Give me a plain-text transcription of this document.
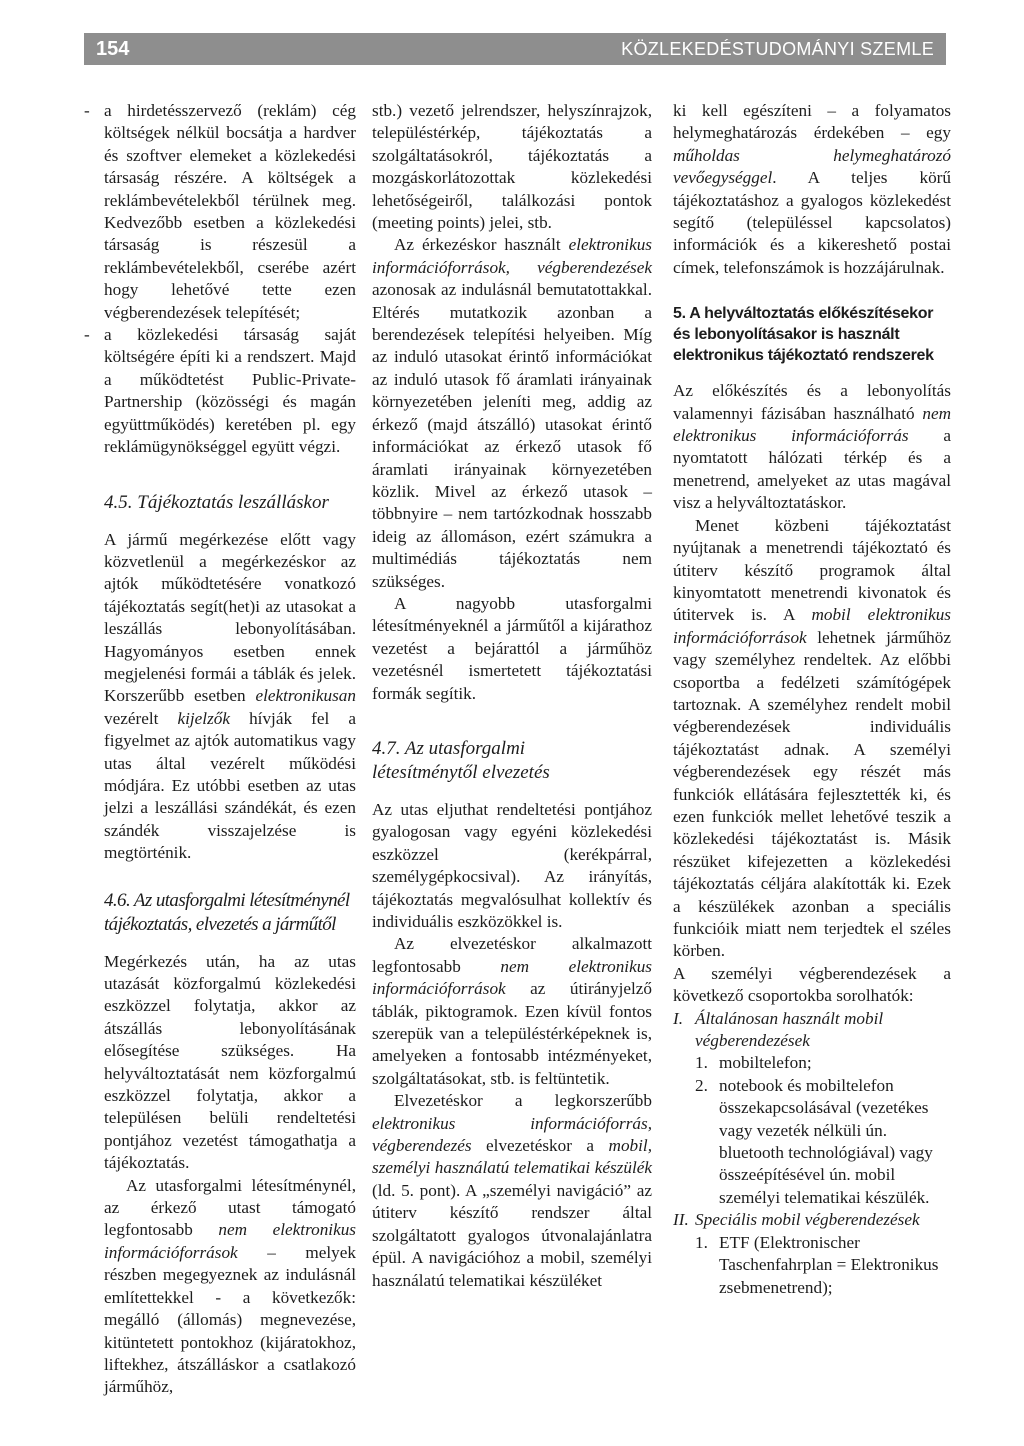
154	KÖZLEKEDÉSTUDOMÁNYI SZEMLE
- a hirdetésszervező (reklám) cég költségek nélkül bocsátja a hardver és szoftver elemeket a közlekedési társaság részére. A költségek a reklámbevételekből térülnek meg. Kedvezőbb esetben a közlekedési társaság is részesül a reklámbevételekből, cserébe azért hogy lehetővé tette ezen végberendezések telepítését;
- a közlekedési társaság saját költségére építi ki a rendszert. Majd a működtetést Public-Private-Partnership (közösségi és magán együttműködés) keretében pl. egy reklámügynökséggel együtt végzi.
4.5. Tájékoztatás leszálláskor

A jármű megérkezése előtt vagy közvetlenül a megérkezéskor az ajtók működtetésére vonatkozó tájékoztatás segít(het)i az utasokat a leszállás lebonyolításában. Hagyományos esetben ennek megjelenési formái a táblák és jelek. Korszerűbb esetben elektronikusan vezérelt kijelzők hívják fel a figyelmet az ajtók automatikus vagy utas által vezérelt működési módjára. Ez utóbbi esetben az utas jelzi a leszállási szándékát, és ezen szándék visszajelzése is megtörténik.

4.6. Az utasforgalmi létesítménynél tájékoztatás, elvezetés a járműtől

Megérkezés után, ha az utas utazását közforgalmú közlekedési eszközzel folytatja, akkor az átszállás lebonyolításának elősegítése szükséges. Ha helyváltoztatását nem közforgalmú eszközzel folytatja, akkor a településen belüli rendeltetési pontjához vezetést támogathatja a tájékoztatás.

Az utasforgalmi létesítménynél, az érkező utast támogató legfontosabb nem elektronikus információforrások – melyek részben megegyeznek az indulásnál említettekkel - a következők: megálló (állomás) megnevezése, kitüntetett pontokhoz (kijáratokhoz, liftekhez, átszálláskor a csatlakozó járműhöz,

stb.) vezető jelrendszer, helyszínrajzok, településtérkép, tájékoztatás a szolgáltatásokról, tájékoztatás a mozgáskorlátozottak közlekedési lehetőségeiről, találkozási pontok (meeting points) jelei, stb.

Az érkezéskor használt elektronikus információforrások, végberendezések azonosak az indulásnál bemutatottakkal. Eltérés mutatkozik azonban a berendezések telepítési helyeiben. Míg az induló utasokat érintő információkat az induló utasok fő áramlati irányainak környezetében jeleníti meg, addig az érkező (majd átszálló) utasokat érintő információkat az érkező utasok fő áramlati irányainak környezetében közlik. Mivel az érkező utasok – többnyire – nem tartózkodnak hosszabb ideig az állomáson, ezért számukra a multimédiás tájékoztatás nem szükséges.

A nagyobb utasforgalmi létesítményeknél a járműtől a kijárathoz vezetést a bejárattól a járműhöz vezetésnél ismertetett tájékoztatási formák segítik.

4.7. Az utasforgalmi létesítménytől elvezetés

Az utas eljuthat rendeltetési pontjához gyalogosan vagy egyéni közlekedési eszközzel (kerékpárral, személygépkocsival). Az irányítás, tájékoztatás megvalósulhat kollektív és individuális eszközökkel is.

Az elvezetéskor alkalmazott legfontosabb nem elektronikus információforrások az útirányjelző táblák, piktogramok. Ezen kívül fontos szerepük van a településtérképeknek is, amelyeken a fontosabb intézményeket, szolgáltatásokat, stb. is feltüntetik.

Elvezetéskor a legkorszerűbb elektronikus információforrás, végberendezés elvezetéskor a mobil, személyi használatú telematikai készülék (ld. 5. pont). A „személyi navigáció” az útiterv készítő rendszer által szolgáltatott gyalogos útvonalajánlatra épül. A navigációhoz a mobil, személyi használatú telematikai készüléket

ki kell egészíteni – a folyamatos helymeghatározás érdekében – egy műholdas helymeghatározó vevőegységgel. A teljes körű tájékoztatáshoz a gyalogos közlekedést segítő (településsel kapcsolatos) információk és a kikereshető postai címek, telefonszámok is hozzájárulnak.

5. A helyváltoztatás előkészítésekor és lebonyolításakor is használt elektronikus tájékoztató rendszerek

Az előkészítés és a lebonyolítás valamennyi fázisában használható nem elektronikus információforrás a nyomtatott hálózati térkép és a menetrend, amelyeket az utas magával visz a helyváltoztatáskor.

Menet közbeni tájékoztatást nyújtanak a menetrendi tájékoztató és útiterv készítő programok által kinyomtatott menetrendi kivonatok és útitervek is. A mobil elektronikus információforrások lehetnek járműhöz vagy személyhez rendeltek. Az előbbi csoportba a fedélzeti számítógépek tartoznak. A személyhez rendelt mobil végberendezések individuális tájékoztatást adnak. A személyi végberendezések egy részét más funkciók ellátására fejlesztették ki, és ezen funkciók mellet lehetővé teszik a közlekedési tájékoztatást is. Másik részüket kifejezetten a közlekedési tájékoztatás céljára alakították ki. Ezek a készülékek azonban a speciális funkcióik miatt nem terjedtek el széles körben.

A személyi végberendezések a következő csoportokba sorolhatók:

I. Általánosan használt mobil végberendezések
1. mobiltelefon;
2. notebook és mobiltelefon összekapcsolásával (vezetékes vagy vezeték nélküli ún. bluetooth technológiával) vagy összeépítésével ún. mobil személyi telematikai készülék.
II. Speciális mobil végberendezések
1. ETF (Elektronischer Taschenfahrplan = Elektronikus zsebmenetrend);
